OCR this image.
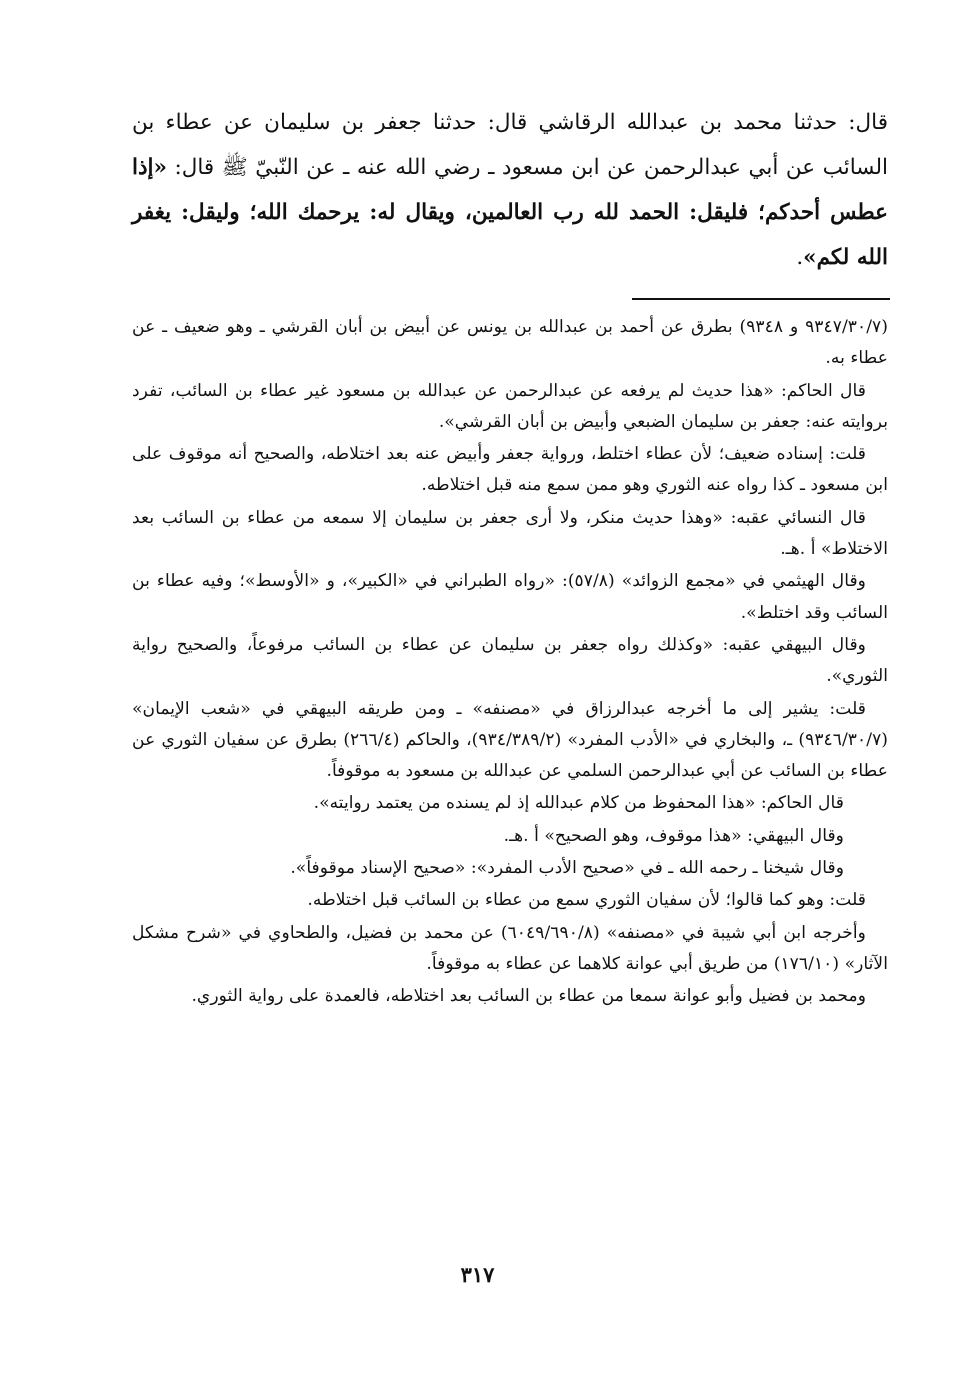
قال: حدثنا محمد بن عبدالله الرقاشي قال: حدثنا جعفر بن سليمان عن عطاء بن السائب عن أبي عبدالرحمن عن ابن مسعود ـ رضي الله عنه ـ عن النّبيّ ﷺ قال: «إذا عطس أحدكم؛ فليقل: الحمد لله رب العالمين، ويقال له: يرحمك الله؛ وليقل: يغفر الله لكم».

(٩٣٤٧/٣٠/٧ و ٩٣٤٨) بطرق عن أحمد بن عبدالله بن يونس عن أبيض بن أبان القرشي ـ وهو ضعيف ـ عن عطاء به.

قال الحاكم: «هذا حديث لم يرفعه عن عبدالرحمن عن عبدالله بن مسعود غير عطاء بن السائب، تفرد بروايته عنه: جعفر بن سليمان الضبعي وأبيض بن أبان القرشي».

قلت: إسناده ضعيف؛ لأن عطاء اختلط، ورواية جعفر وأبيض عنه بعد اختلاطه، والصحيح أنه موقوف على ابن مسعود ـ كذا رواه عنه الثوري وهو ممن سمع منه قبل اختلاطه.

قال النسائي عقبه: «وهذا حديث منكر، ولا أرى جعفر بن سليمان إلا سمعه من عطاء بن السائب بعد الاختلاط» أ .هـ.

وقال الهيثمي في «مجمع الزوائد» (٥٧/٨): «رواه الطبراني في «الكبير»، و «الأوسط»؛ وفيه عطاء بن السائب وقد اختلط».

وقال البيهقي عقبه: «وكذلك رواه جعفر بن سليمان عن عطاء بن السائب مرفوعاً، والصحيح رواية الثوري».

قلت: يشير إلى ما أخرجه عبدالرزاق في «مصنفه» ـ ومن طريقه البيهقي في «شعب الإيمان» (٩٣٤٦/٣٠/٧) ـ، والبخاري في «الأدب المفرد» (٩٣٤/٣٨٩/٢)، والحاكم (٢٦٦/٤) بطرق عن سفيان الثوري عن عطاء بن السائب عن أبي عبدالرحمن السلمي عن عبدالله بن مسعود به موقوفاً.

قال الحاكم: «هذا المحفوظ من كلام عبدالله إذ لم يسنده من يعتمد روايته».

وقال البيهقي: «هذا موقوف، وهو الصحيح» أ .هـ.

وقال شيخنا ـ رحمه الله ـ في «صحيح الأدب المفرد»: «صحيح الإسناد موقوفاً».

قلت: وهو كما قالوا؛ لأن سفيان الثوري سمع من عطاء بن السائب قبل اختلاطه.

وأخرجه ابن أبي شيبة في «مصنفه» (٦٠٤٩/٦٩٠/٨) عن محمد بن فضيل، والطحاوي في «شرح مشكل الآثار» (١٧٦/١٠) من طريق أبي عوانة كلاهما عن عطاء به موقوفاً.

ومحمد بن فضيل وأبو عوانة سمعا من عطاء بن السائب بعد اختلاطه، فالعمدة على رواية الثوري.

٣١٧
